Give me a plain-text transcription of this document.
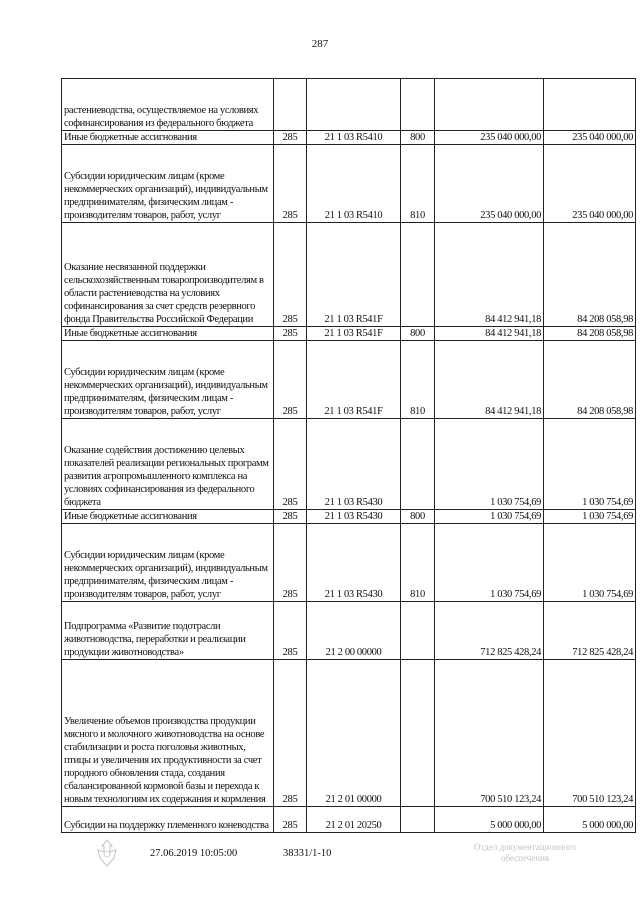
287
растениеводства, осуществляемое на условиях софинансирования из федерального бюджета					
Иные бюджетные ассигнования	285	21 1 03 R5410	800	235 040 000,00	235 040 000,00
Субсидии юридическим лицам (кроме некоммерческих организаций), индивидуальным предпринимателям, физическим лицам - производителям товаров, работ, услуг	285	21 1 03 R5410	810	235 040 000,00	235 040 000,00
Оказание несвязанной поддержки сельскохозяйственным товаропроизводителям в области растениеводства на условиях софинансирования за счет средств резервного фонда Правительства Российской Федерации	285	21 1 03 R541F		84 412 941,18	84 208 058,98
Иные бюджетные ассигнования	285	21 1 03 R541F	800	84 412 941,18	84 208 058,98
Субсидии юридическим лицам (кроме некоммерческих организаций), индивидуальным предпринимателям, физическим лицам - производителям товаров, работ, услуг	285	21 1 03 R541F	810	84 412 941,18	84 208 058,98
Оказание содействия достижению целевых показателей реализации региональных программ развития агропромышленного комплекса на условиях софинансирования из федерального бюджета	285	21 1 03 R5430		1 030 754,69	1 030 754,69
Иные бюджетные ассигнования	285	21 1 03 R5430	800	1 030 754,69	1 030 754,69
Субсидии юридическим лицам (кроме некоммерческих организаций), индивидуальным предпринимателям, физическим лицам - производителям товаров, работ, услуг	285	21 1 03 R5430	810	1 030 754,69	1 030 754,69
Подпрограмма «Развитие подотрасли животноводства, переработки и реализации продукции животноводства»	285	21 2 00 00000		712 825 428,24	712 825 428,24
Увеличение объемов производства продукции мясного и молочного животноводства на основе стабилизации и роста поголовья животных, птицы и увеличения их продуктивности за счет породного обновления стада, создания сбалансированной кормовой базы и перехода к новым технологиям их содержания и кормления	285	21 2 01 00000		700 510 123,24	700 510 123,24
Субсидии на поддержку племенного коневодства	285	21 2 01 20250		5 000 000,00	5 000 000,00
27.06.2019 10:05:00	38331/1-10
Отдел документационного обеспечения
